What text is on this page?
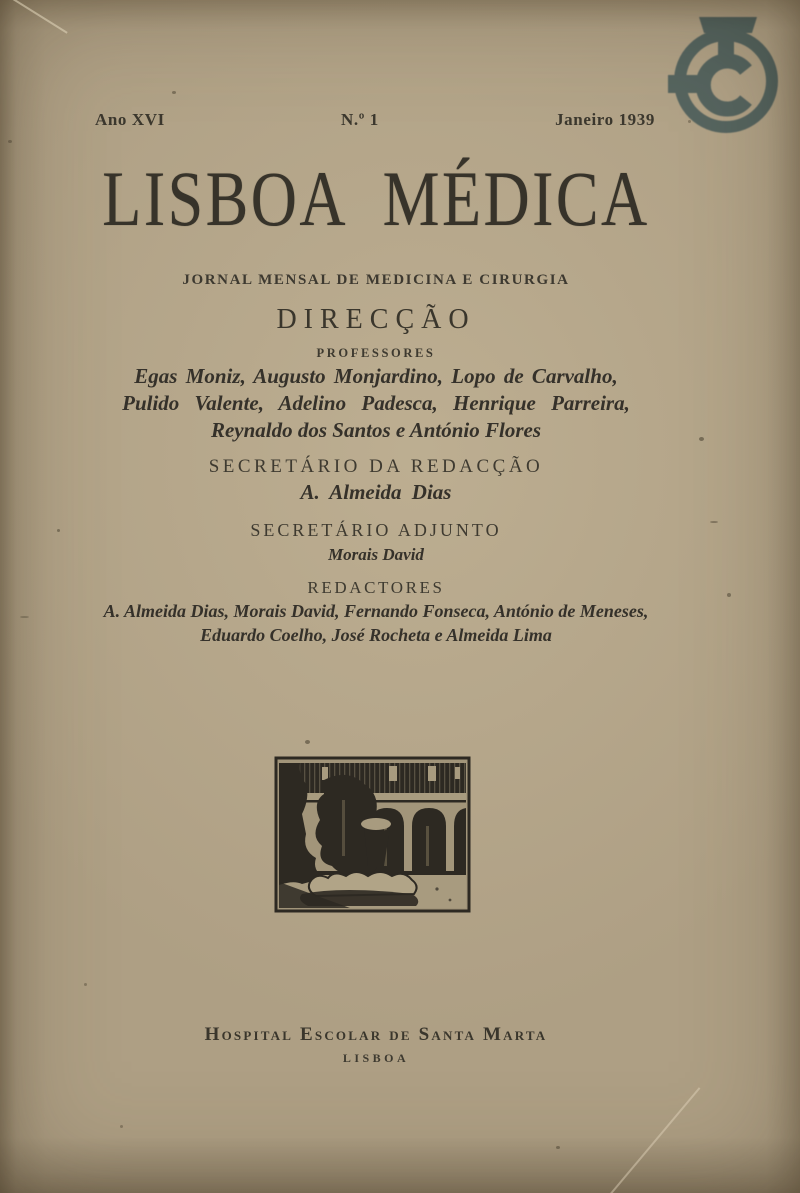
Ano XVI	N.º 1	Janeiro 1939
LISBOA MÉDICA
JORNAL MENSAL DE MEDICINA E CIRURGIA
DIRECÇÃO
PROFESSORES
Egas Moniz, Augusto Monjardino, Lopo de Carvalho,
Pulido Valente, Adelino Padesca, Henrique Parreira,
Reynaldo dos Santos e António Flores
SECRETÁRIO DA REDACÇÃO
A. Almeida Dias
SECRETÁRIO ADJUNTO
Morais David
REDACTORES
A. Almeida Dias, Morais David, Fernando Fonseca, António de Meneses,
Eduardo Coelho, José Rocheta e Almeida Lima
Hospital Escolar de Santa Marta
LISBOA
